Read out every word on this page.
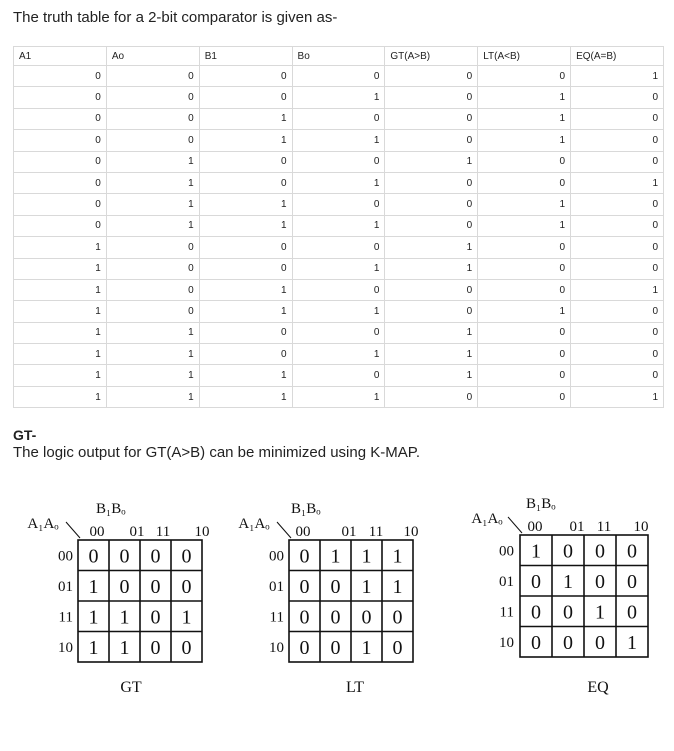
The truth table for a 2-bit comparator is given as-
A1	Ao	B1	Bo	GT(A>B)	LT(A<B)	EQ(A=B)
0	0	0	0	0	0	1
0	0	0	1	0	1	0
0	0	1	0	0	1	0
0	0	1	1	0	1	0
0	1	0	0	1	0	0
0	1	0	1	0	0	1
0	1	1	0	0	1	0
0	1	1	1	0	1	0
1	0	0	0	1	0	0
1	0	0	1	1	0	0
1	0	1	0	0	0	1
1	0	1	1	0	1	0
1	1	0	0	1	0	0
1	1	0	1	1	0	0
1	1	1	0	1	0	0
1	1	1	1	0	0	1
GT-
The logic output for GT(A>B) can be minimized using K-MAP.
B₁Bₒ
A₁Aₒ 00 01 11 10
00
01
11
10
0 0 0 0
1 0 0 0
1 1 0 1
1 1 0 0
GT
B₁Bₒ
A₁Aₒ 00 01 11 10
00
01
11
10
0 1 1 1
0 0 1 1
0 0 0 0
0 0 1 0
LT
B₁Bₒ
A₁Aₒ 00 01 11 10
00
01
11
10
1 0 0 0
0 1 0 0
0 0 1 0
0 0 0 1
EQ
